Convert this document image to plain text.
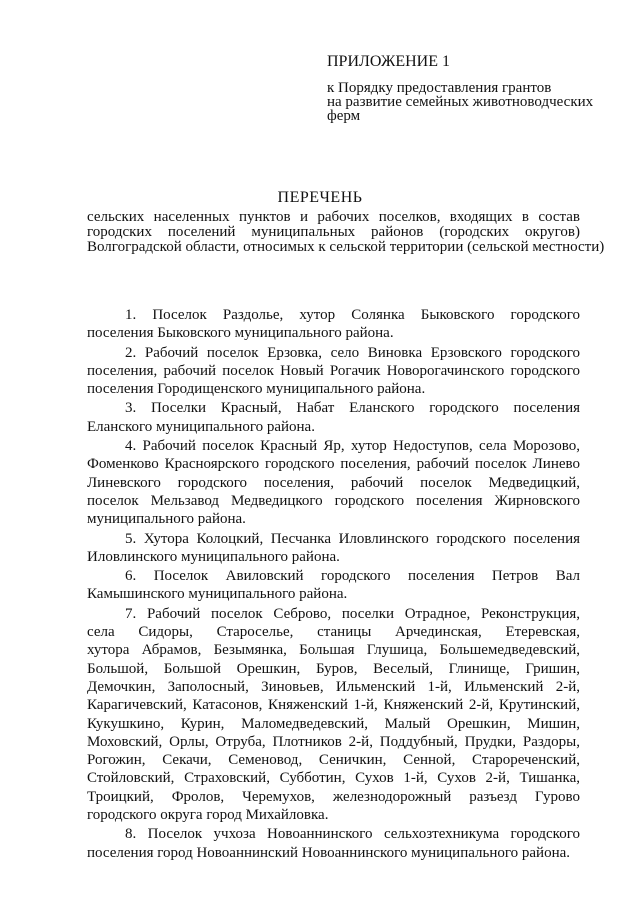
ПРИЛОЖЕНИЕ 1

к Порядку предоставления грантов
на развитие семейных животноводческих
ферм

ПЕРЕЧЕНЬ

сельских населенных пунктов и рабочих поселков, входящих в состав
городских поселений муниципальных районов (городских округов)
Волгоградской области, относимых к сельской территории (сельской местности)

1. Поселок Раздолье, хутор Солянка Быковского городского
поселения Быковского муниципального района.
2. Рабочий поселок Ерзовка, село Виновка Ерзовского городского
поселения, рабочий поселок Новый Рогачик Новорогачинского городского
поселения Городищенского муниципального района.
3. Поселки Красный, Набат Еланского городского поселения
Еланского муниципального района.
4. Рабочий поселок Красный Яр, хутор Недоступов, села Морозово,
Фоменково Красноярского городского поселения, рабочий поселок Линево
Линевского городского поселения, рабочий поселок Медведицкий,
поселок Мельзавод Медведицкого городского поселения Жирновского
муниципального района.
5. Хутора Колоцкий, Песчанка Иловлинского городского поселения
Иловлинского муниципального района.
6. Поселок Авиловский городского поселения Петров Вал
Камышинского муниципального района.
7. Рабочий поселок Себрово, поселки Отрадное, Реконструкция,
села Сидоры, Староселье, станицы Арчединская, Етеревская,
хутора Абрамов, Безымянка, Большая Глушица, Большемедведевский,
Большой, Большой Орешкин, Буров, Веселый, Глинище, Гришин,
Демочкин, Заполосный, Зиновьев, Ильменский 1-й, Ильменский 2-й,
Карагичевский, Катасонов, Княженский 1-й, Княженский 2-й, Крутинский,
Кукушкино, Курин, Маломедведевский, Малый Орешкин, Мишин,
Моховский, Орлы, Отруба, Плотников 2-й, Поддубный, Прудки, Раздоры,
Рогожин, Секачи, Семеновод, Сеничкин, Сенной, Старореченский,
Стойловский, Страховский, Субботин, Сухов 1-й, Сухов 2-й, Тишанка,
Троицкий, Фролов, Черемухов, железнодорожный разъезд Гурово
городского округа город Михайловка.
8. Поселок учхоза Новоаннинского сельхозтехникума городского
поселения город Новоаннинский Новоаннинского муниципального района.
